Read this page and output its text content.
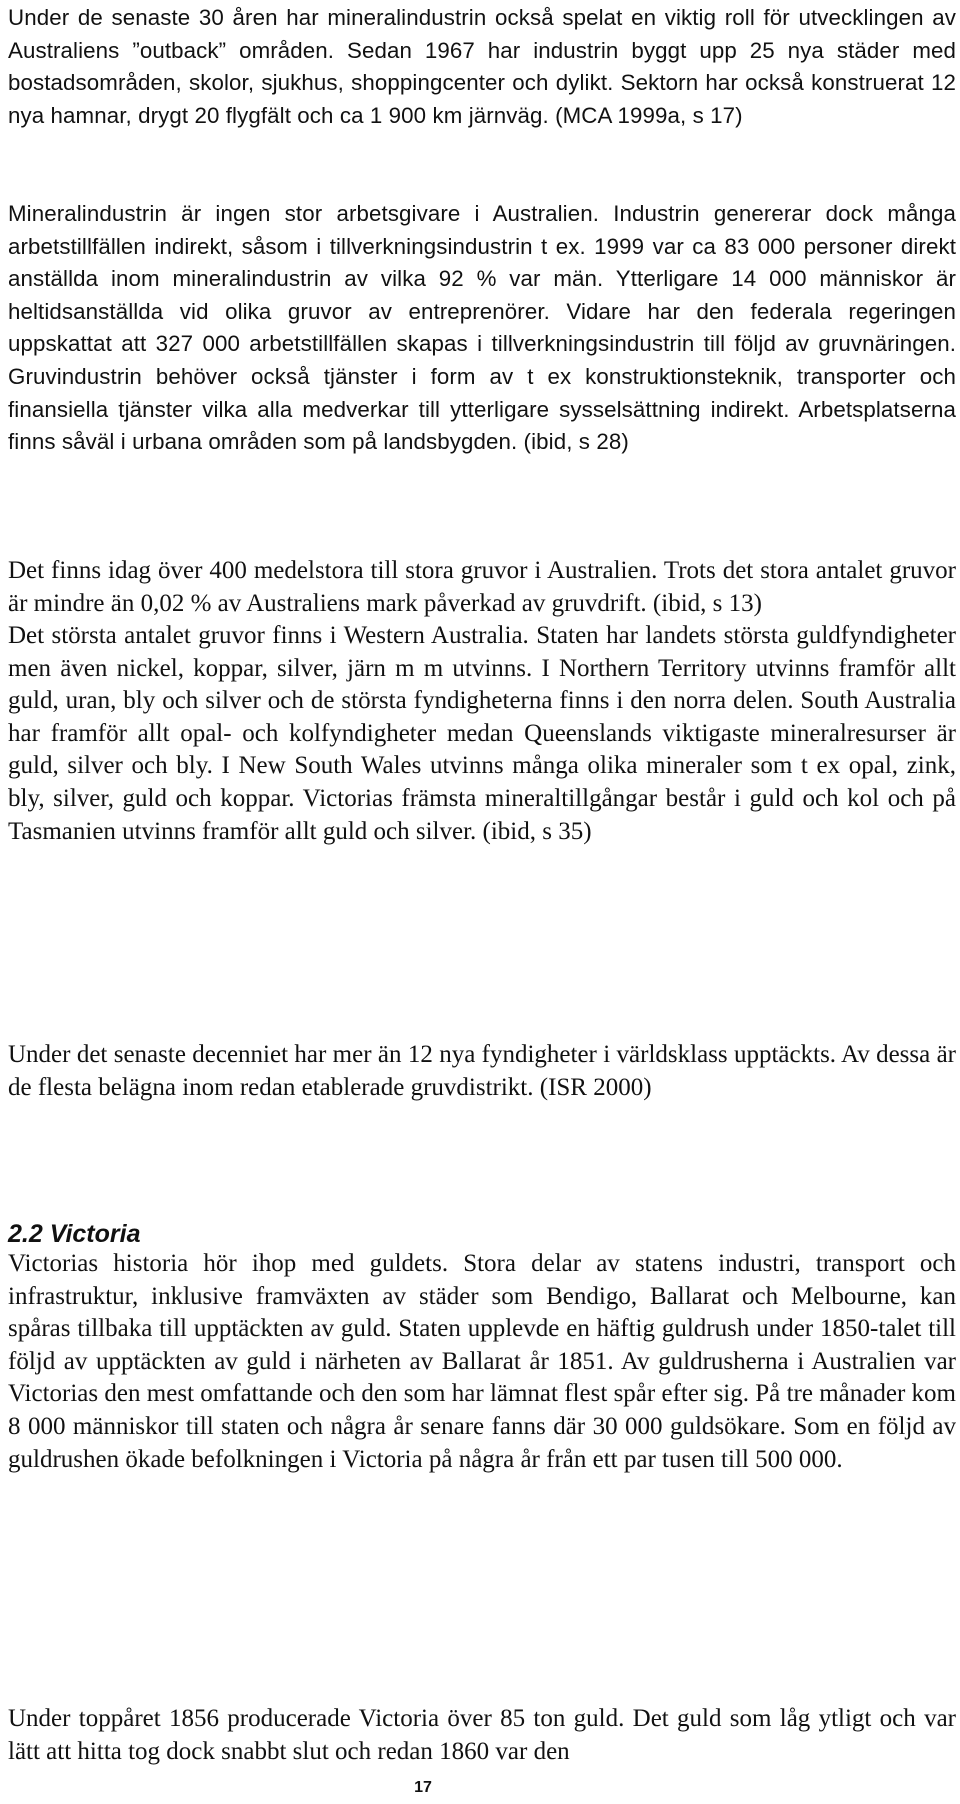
Under de senaste 30 åren har mineralindustrin också spelat en viktig roll för utvecklingen av Australiens ”outback” områden. Sedan 1967 har industrin byggt upp 25 nya städer med bostadsområden, skolor, sjukhus, shoppingcenter och dylikt. Sektorn har också konstruerat 12 nya hamnar, drygt 20 flygfält och ca 1 900 km järnväg. (MCA 1999a, s 17)

Mineralindustrin är ingen stor arbetsgivare i Australien. Industrin genererar dock många arbetstillfällen indirekt, såsom i tillverkningsindustrin t ex. 1999 var ca 83 000 personer direkt anställda inom mineralindustrin av vilka 92 % var män. Ytterligare 14 000 människor är heltidsanställda vid olika gruvor av entreprenörer. Vidare har den federala regeringen uppskattat att 327 000 arbetstillfällen skapas i tillverkningsindustrin till följd av gruvnäringen. Gruvindustrin behöver också tjänster i form av t ex konstruktionsteknik, transporter och finansiella tjänster vilka alla medverkar till ytterligare sysselsättning indirekt. Arbetsplatserna finns såväl i urbana områden som på landsbygden. (ibid, s 28)

Det finns idag över 400 medelstora till stora gruvor i Australien. Trots det stora antalet gruvor är mindre än 0,02 % av Australiens mark påverkad av gruvdrift. (ibid, s 13)

Det största antalet gruvor finns i Western Australia. Staten har landets största guldfyndigheter men även nickel, koppar, silver, järn m m utvinns. I Northern Territory utvinns framför allt guld, uran, bly och silver och de största fyndigheterna finns i den norra delen. South Australia har framför allt opal- och kolfyndigheter medan Queenslands viktigaste mineralresurser är guld, silver och bly. I New South Wales utvinns många olika mineraler som t ex opal, zink, bly, silver, guld och koppar. Victorias främsta mineraltillgångar består i guld och kol och på Tasmanien utvinns framför allt guld och silver. (ibid, s 35)

Under det senaste decenniet har mer än 12 nya fyndigheter i världsklass upptäckts. Av dessa är de flesta belägna inom redan etablerade gruvdistrikt. (ISR 2000)

2.2 Victoria

Victorias historia hör ihop med guldets. Stora delar av statens industri, transport och infrastruktur, inklusive framväxten av städer som Bendigo, Ballarat och Melbourne, kan spåras tillbaka till upptäckten av guld. Staten upplevde en häftig guldrush under 1850-talet till följd av upptäckten av guld i närheten av Ballarat år 1851. Av guldrusherna i Australien var Victorias den mest omfattande och den som har lämnat flest spår efter sig. På tre månader kom 8 000 människor till staten och några år senare fanns där 30 000 guldsökare. Som en följd av guldrushen ökade befolkningen i Victoria på några år från ett par tusen till 500 000.

Under toppåret 1856 producerade Victoria över 85 ton guld. Det guld som låg ytligt och var lätt att hitta tog dock snabbt slut och redan 1860 var den

17
